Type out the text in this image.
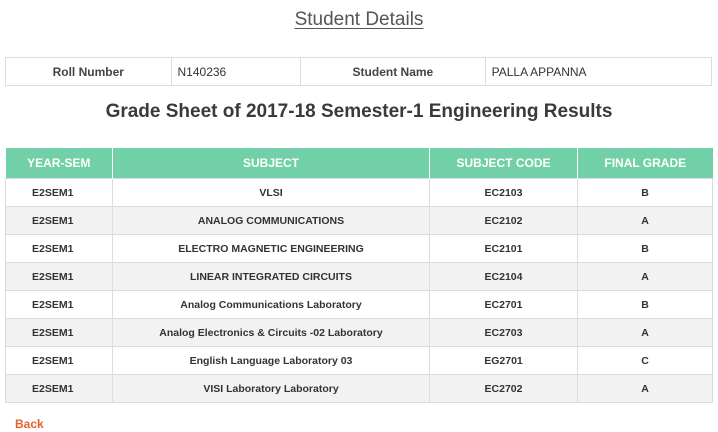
Student Details
Roll Number	N140236	Student Name	PALLA APPANNA
Grade Sheet of 2017-18 Semester-1 Engineering Results
YEAR-SEM	SUBJECT	SUBJECT CODE	FINAL GRADE
E2SEM1	VLSI	EC2103	B
E2SEM1	ANALOG COMMUNICATIONS	EC2102	A
E2SEM1	ELECTRO MAGNETIC ENGINEERING	EC2101	B
E2SEM1	LINEAR INTEGRATED CIRCUITS	EC2104	A
E2SEM1	Analog Communications Laboratory	EC2701	B
E2SEM1	Analog Electronics & Circuits -02 Laboratory	EC2703	A
E2SEM1	English Language Laboratory 03	EG2701	C
E2SEM1	VISI Laboratory Laboratory	EC2702	A
Back
